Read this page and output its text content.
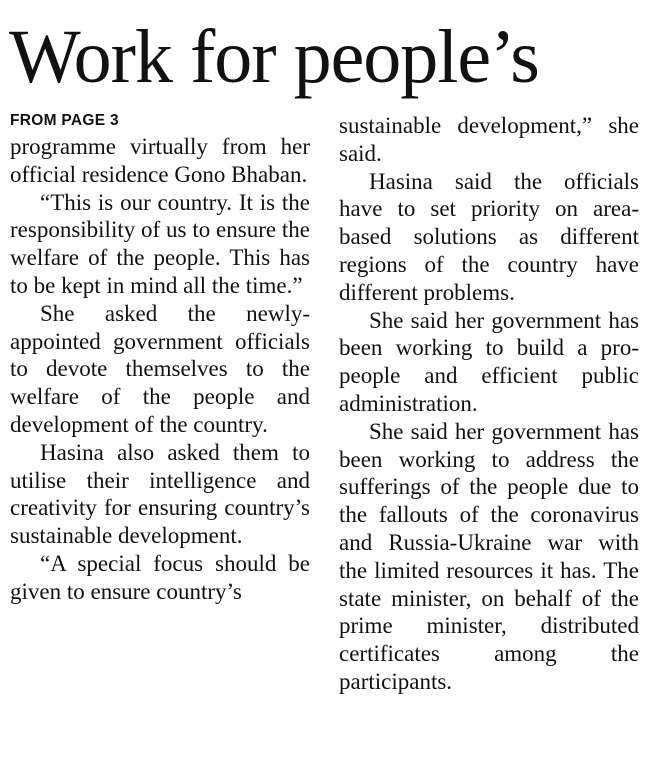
Work for people’s
FROM PAGE 3

programme virtually from her official residence Gono Bhaban.

“This is our country. It is the responsibility of us to ensure the welfare of the people. This has to be kept in mind all the time.”

She asked the newly-appointed government officials to devote themselves to the welfare of the people and development of the country.

Hasina also asked them to utilise their intelligence and creativity for ensuring country’s sustainable development.

“A special focus should be given to ensure country’s

sustainable development,” she said.

Hasina said the officials have to set priority on area-based solutions as different regions of the country have different problems.

She said her government has been working to build a pro-people and efficient public administration.

She said her government has been working to address the sufferings of the people due to the fallouts of the coronavirus and Russia-Ukraine war with the limited resources it has. The state minister, on behalf of the prime minister, distributed certificates among the participants.
